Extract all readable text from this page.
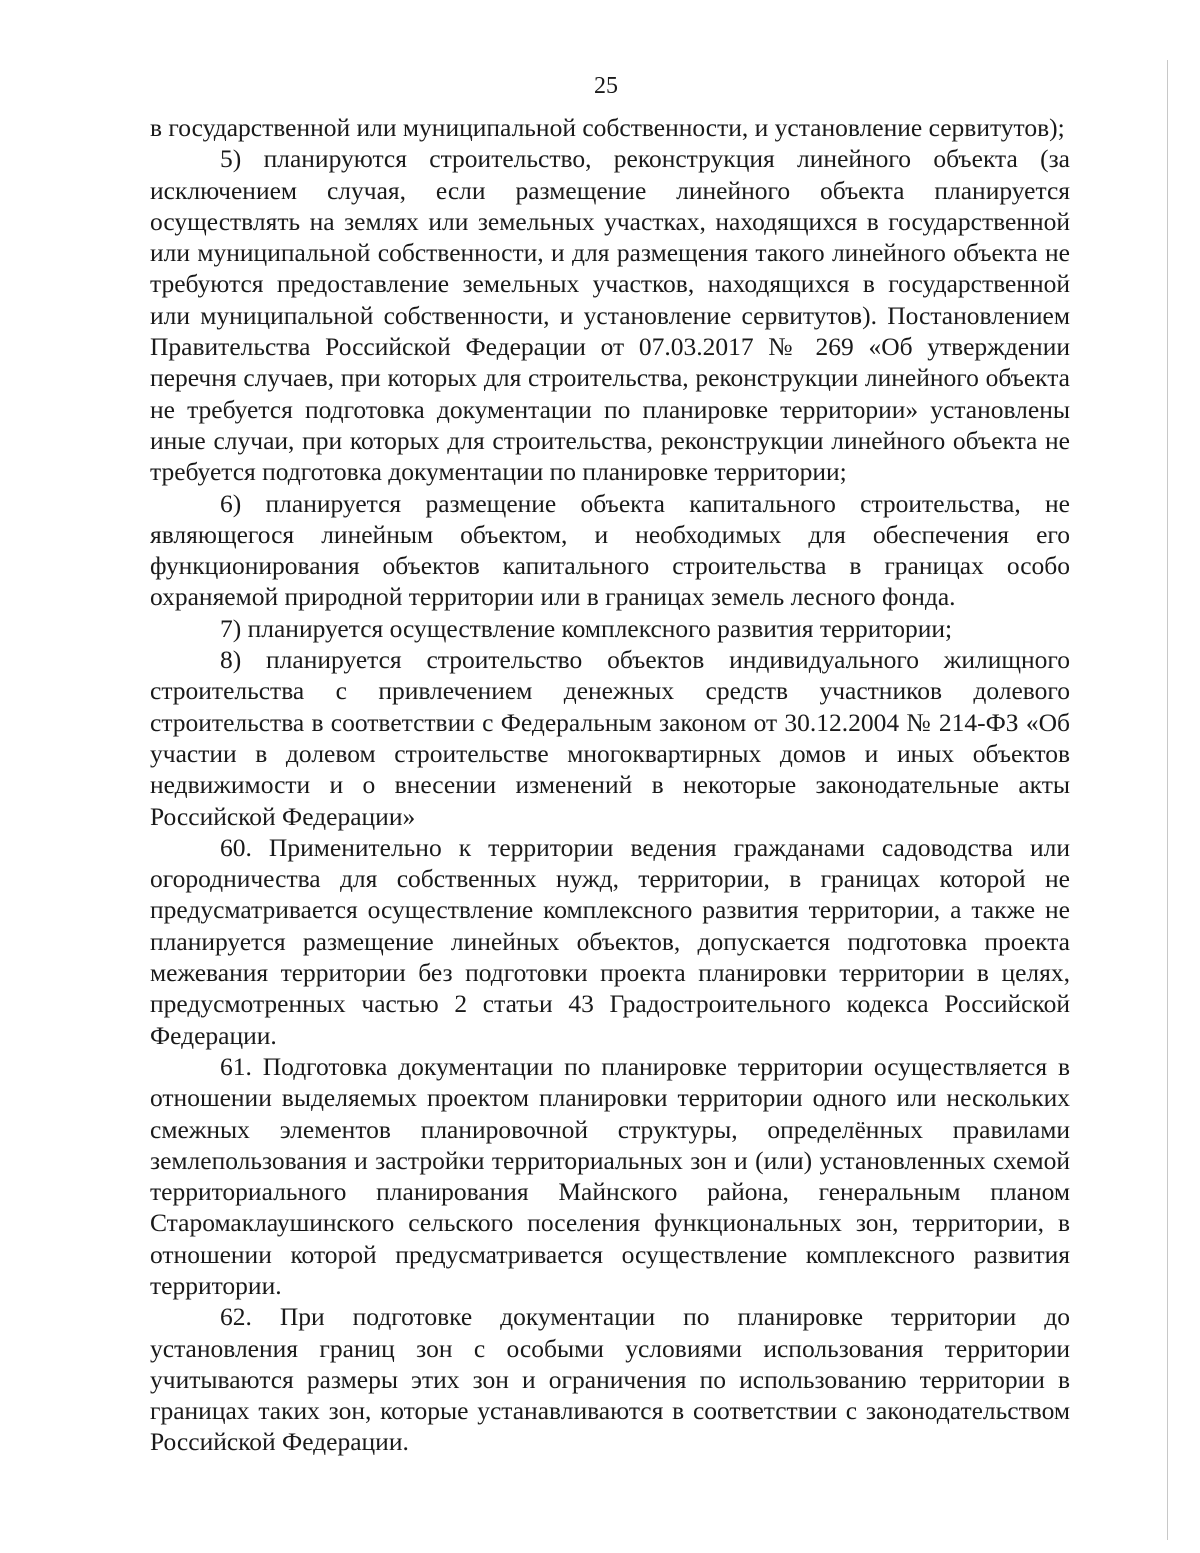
25

в государственной или муниципальной собственности, и установление сервитутов);

5) планируются строительство, реконструкция линейного объекта (за исключением случая, если размещение линейного объекта планируется осуществлять на землях или земельных участках, находящихся в государственной или муниципальной собственности, и для размещения такого линейного объекта не требуются предоставление земельных участков, находящихся в государственной или муниципальной собственности, и установление сервитутов). Постановлением Правительства Российской Федерации от 07.03.2017 № 269 «Об утверждении перечня случаев, при которых для строительства, реконструкции линейного объекта не требуется подготовка документации по планировке территории» установлены иные случаи, при которых для строительства, реконструкции линейного объекта не требуется подготовка документации по планировке территории;

6) планируется размещение объекта капитального строительства, не являющегося линейным объектом, и необходимых для обеспечения его функционирования объектов капитального строительства в границах особо охраняемой природной территории или в границах земель лесного фонда.

7) планируется осуществление комплексного развития территории;

8) планируется строительство объектов индивидуального жилищного строительства с привлечением денежных средств участников долевого строительства в соответствии с Федеральным законом от 30.12.2004 № 214-ФЗ «Об участии в долевом строительстве многоквартирных домов и иных объектов недвижимости и о внесении изменений в некоторые законодательные акты Российской Федерации»

60. Применительно к территории ведения гражданами садоводства или огородничества для собственных нужд, территории, в границах которой не предусматривается осуществление комплексного развития территории, а также не планируется размещение линейных объектов, допускается подготовка проекта межевания территории без подготовки проекта планировки территории в целях, предусмотренных частью 2 статьи 43 Градостроительного кодекса Российской Федерации.

61. Подготовка документации по планировке территории осуществляется в отношении выделяемых проектом планировки территории одного или нескольких смежных элементов планировочной структуры, определённых правилами землепользования и застройки территориальных зон и (или) установленных схемой территориального планирования Майнского района, генеральным планом Старомаклаушинского сельского поселения функциональных зон, территории, в отношении которой предусматривается осуществление комплексного развития территории.

62. При подготовке документации по планировке территории до установления границ зон с особыми условиями использования территории учитываются размеры этих зон и ограничения по использованию территории в границах таких зон, которые устанавливаются в соответствии с законодательством Российской Федерации.
